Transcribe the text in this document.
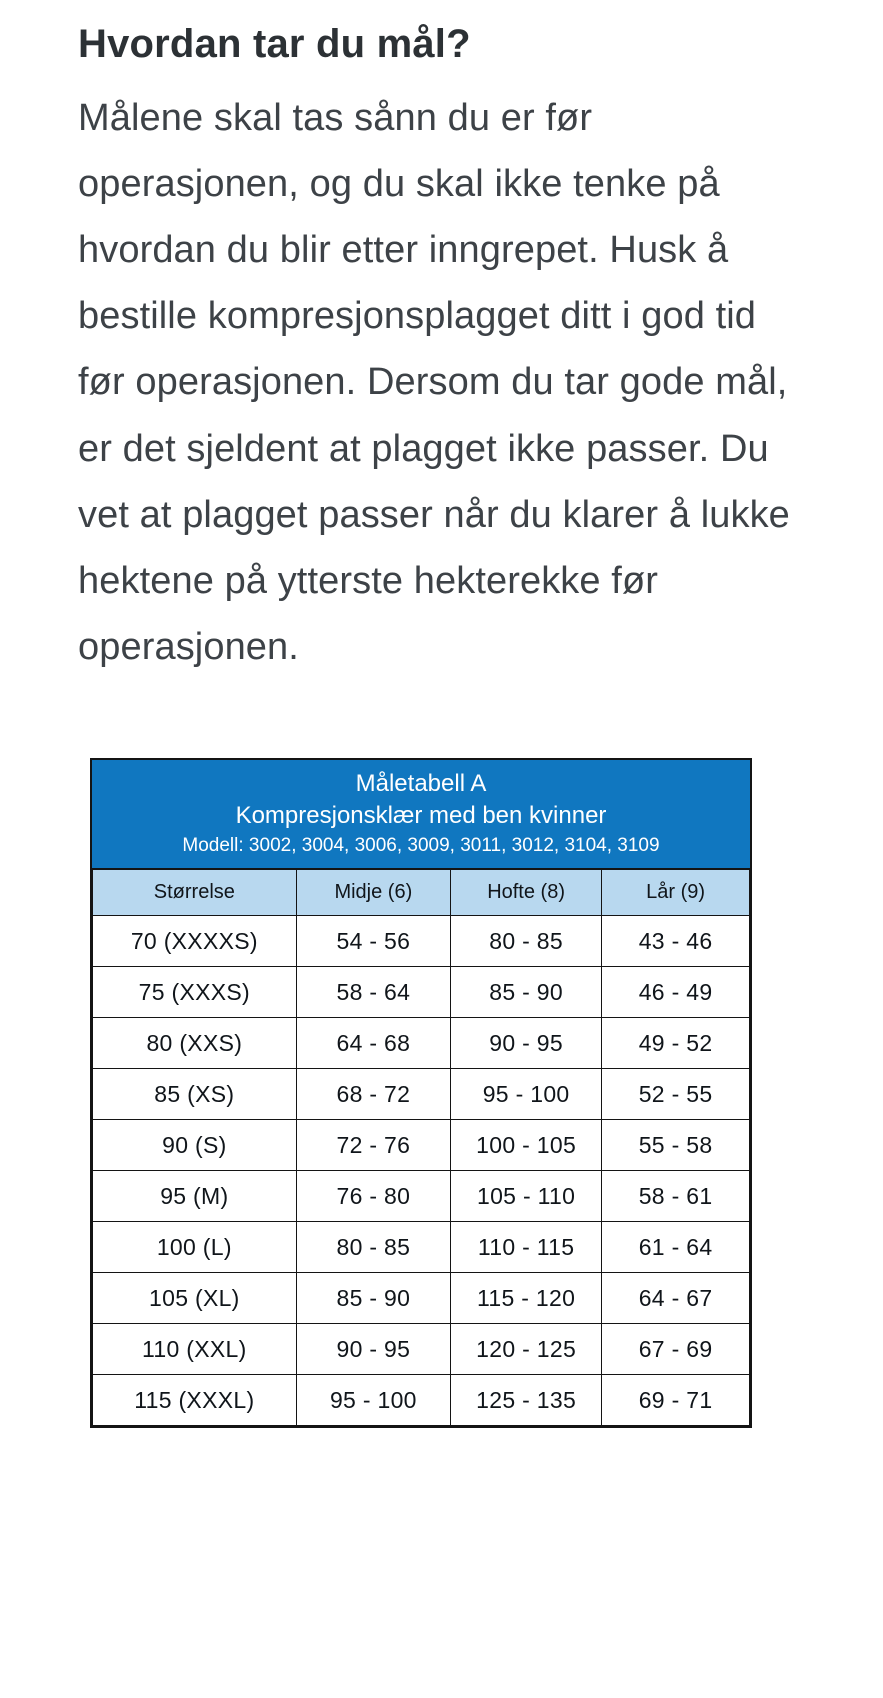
Hvordan tar du mål?

Målene skal tas sånn du er før operasjonen, og du skal ikke tenke på hvordan du blir etter inngrepet. Husk å bestille kompresjonsplagget ditt i god tid før operasjonen. Dersom du tar gode mål, er det sjeldent at plagget ikke passer. Du vet at plagget passer når du klarer å lukke hektene på ytterste hekterekke før operasjonen.

Måletabell A
Kompresjonsklær med ben kvinner
Modell: 3002, 3004, 3006, 3009, 3011, 3012, 3104, 3109
Størrelse	Midje (6)	Hofte (8)	Lår (9)
70 (XXXXS)	54 - 56	80 - 85	43 - 46
75 (XXXS)	58 - 64	85 - 90	46 - 49
80 (XXS)	64 - 68	90 - 95	49 - 52
85 (XS)	68 - 72	95 - 100	52 - 55
90 (S)	72 - 76	100 - 105	55 - 58
95 (M)	76 - 80	105 - 110	58 - 61
100 (L)	80 - 85	110 - 115	61 - 64
105 (XL)	85 - 90	115 - 120	64 - 67
110 (XXL)	90 - 95	120 - 125	67 - 69
115 (XXXL)	95 - 100	125 - 135	69 - 71
